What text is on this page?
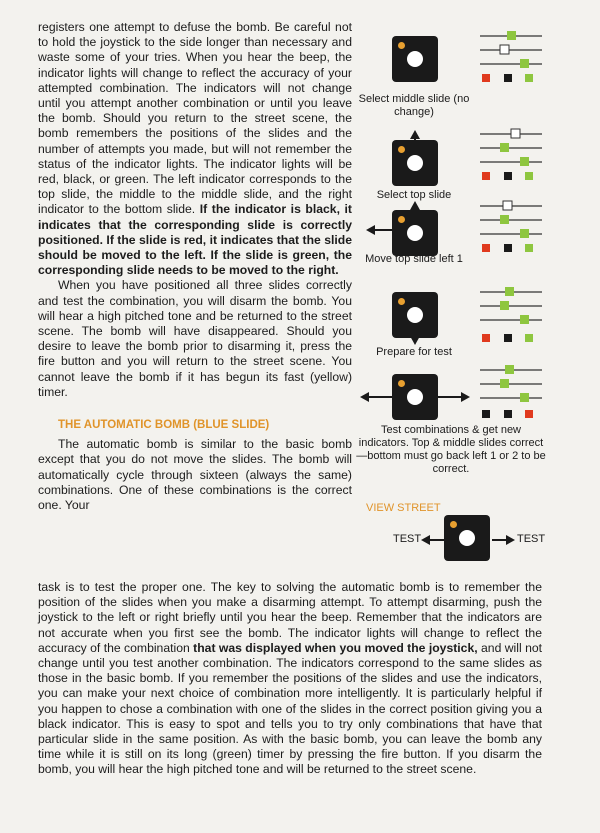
registers one attempt to defuse the bomb. Be careful not to hold the joystick to the side longer than necessary and waste some of your tries. When you hear the beep, the indicator lights will change to reflect the accuracy of your attempted combination. The indicators will not change until you attempt another combination or until you leave the bomb. Should you return to the street scene, the bomb remembers the positions of the slides and the number of attempts you made, but will not remember the status of the indicator lights. The indicator lights will be red, black, or green. The left indicator corresponds to the top slide, the middle to the middle slide, and the right indicator to the bottom slide. If the indicator is black, it indicates that the corresponding slide is correctly positioned. If the slide is red, it indicates that the slide should be moved to the left. If the slide is green, the corresponding slide needs to be moved to the right.

When you have positioned all three slides correctly and test the combination, you will disarm the bomb. You will hear a high pitched tone and be returned to the street scene. The bomb will have disappeared. Should you desire to leave the bomb prior to disarming it, press the fire button and you will return to the street scene. You cannot leave the bomb if it has begun its fast (yellow) timer.

THE AUTOMATIC BOMB (BLUE SLIDE)

The automatic bomb is similar to the basic bomb except that you do not move the slides. The bomb will automatically cycle through sixteen (always the same) combinations. One of these combinations is the correct one. Your

task is to test the proper one. The key to solving the automatic bomb is to remember the position of the slides when you make a disarming attempt. To attempt disarming, push the joystick to the left or right briefly until you hear the beep. Remember that the indicators are not accurate when you first see the bomb. The indicator lights will change to reflect the accuracy of the combination that was displayed when you moved the joystick, and will not change until you test another combination. The indicators correspond to the same slides as those in the basic bomb. If you remember the positions of the slides and use the indicators, you can make your next choice of combination more intelligently. It is particularly helpful if you happen to chose a combination with one of the slides in the correct position giving you a black indicator. This is easy to spot and tells you to try only combinations that have that particular slide in the same position. As with the basic bomb, you can leave the bomb any time while it is still on its long (green) timer by pressing the fire button. If you disarm the bomb, you will hear the high pitched tone and will be returned to the street scene.
Select middle slide (no change)
Select top slide
Move top slide left 1
Prepare for test
Test combinations & get new indicators. Top & middle slides correct—bottom must go back left 1 or 2 to be correct.
VIEW STREET
TEST	TEST
